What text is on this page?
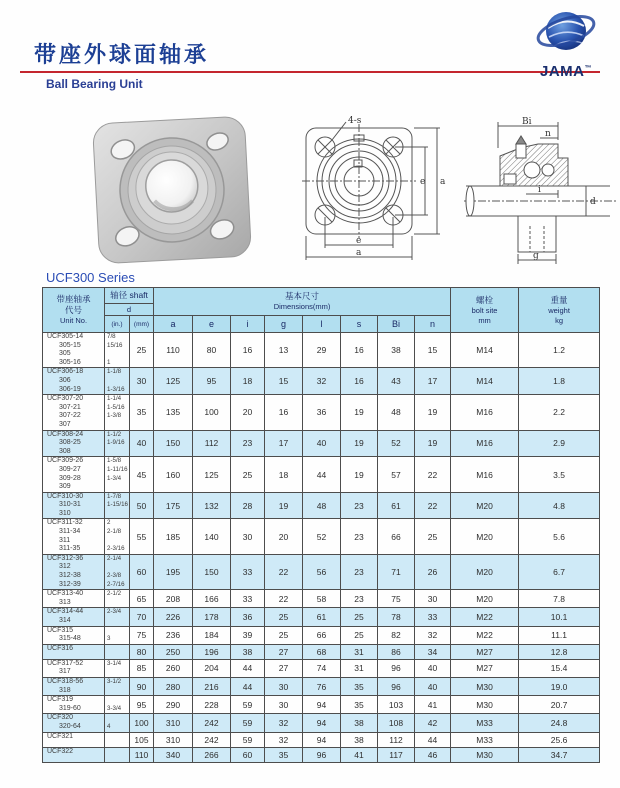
带座外球面轴承
Ball Bearing Unit
JAMA™
4-s
e a
e
a
Bi
n
i
d
g
UCF300 Series
带座轴承
代号
Unit No.
	轴径 shaft	基本尺寸
Dimensions(mm)

螺栓
bolt site
mm

重量
weight
kg

	d											
	(in.)	(mm)	a	e	i	g	l	s	Bi	n		

UCF305-14
305-15
305
305-16

7/8
15/16

1
	25	110	80	16	13	29	16	38	15	M14	1.2

UCF306-18
306
306-19

1-1/8

1-3/16
	30	125	95	18	15	32	16	43	17	M14	1.8

UCF307-20
307-21
307-22
307

1-1/4
1-5/16
1-3/8	35	135	100	20	16	36	19	48	19	M16	2.2

UCF308-24
308-25
308

1-1/2
1-9/16	40	150	112	23	17	40	19	52	19	M16	2.9

UCF309-26
309-27
309-28
309

1-5/8
1-11/16
1-3/4	45	160	125	25	18	44	19	57	22	M16	3.5

UCF310-30
310-31
310

1-7/8
1-15/16	50	175	132	28	19	48	23	61	22	M20	4.8

UCF311-32
311-34
311
311-35

2
2-1/8

2-3/16
	55	185	140	30	20	52	23	66	25	M20	5.6

UCF312-36
312
312-38
312-39

2-1/4

2-3/8
2-7/16
	60	195	150	33	22	56	23	71	26	M20	6.7

UCF313-40
313	2-1/2	65	208	166	33	22	58	23	75	30	M20	7.8

UCF314-44
314	2-3/4	70	226	178	36	25	61	25	78	33	M22	10.1

UCF315
315-48	3	75	236	184	39	25	66	25	82	32	M22	11.1

UCF316		80	250	196	38	27	68	31	86	34	M27	12.8

UCF317-52
317	3-1/4	85	260	204	44	27	74	31	96	40	M27	15.4

UCF318-56
318	3-1/2	90	280	216	44	30	76	35	96	40	M30	19.0

UCF319
319-60	3-3/4	95	290	228	59	30	94	35	103	41	M30	20.7

UCF320
320-64	4	100	310	242	59	32	94	38	108	42	M33	24.8

UCF321		105	310	242	59	32	94	38	112	44	M33	25.6

UCF322		110	340	266	60	35	96	41	117	46	M30	34.7
